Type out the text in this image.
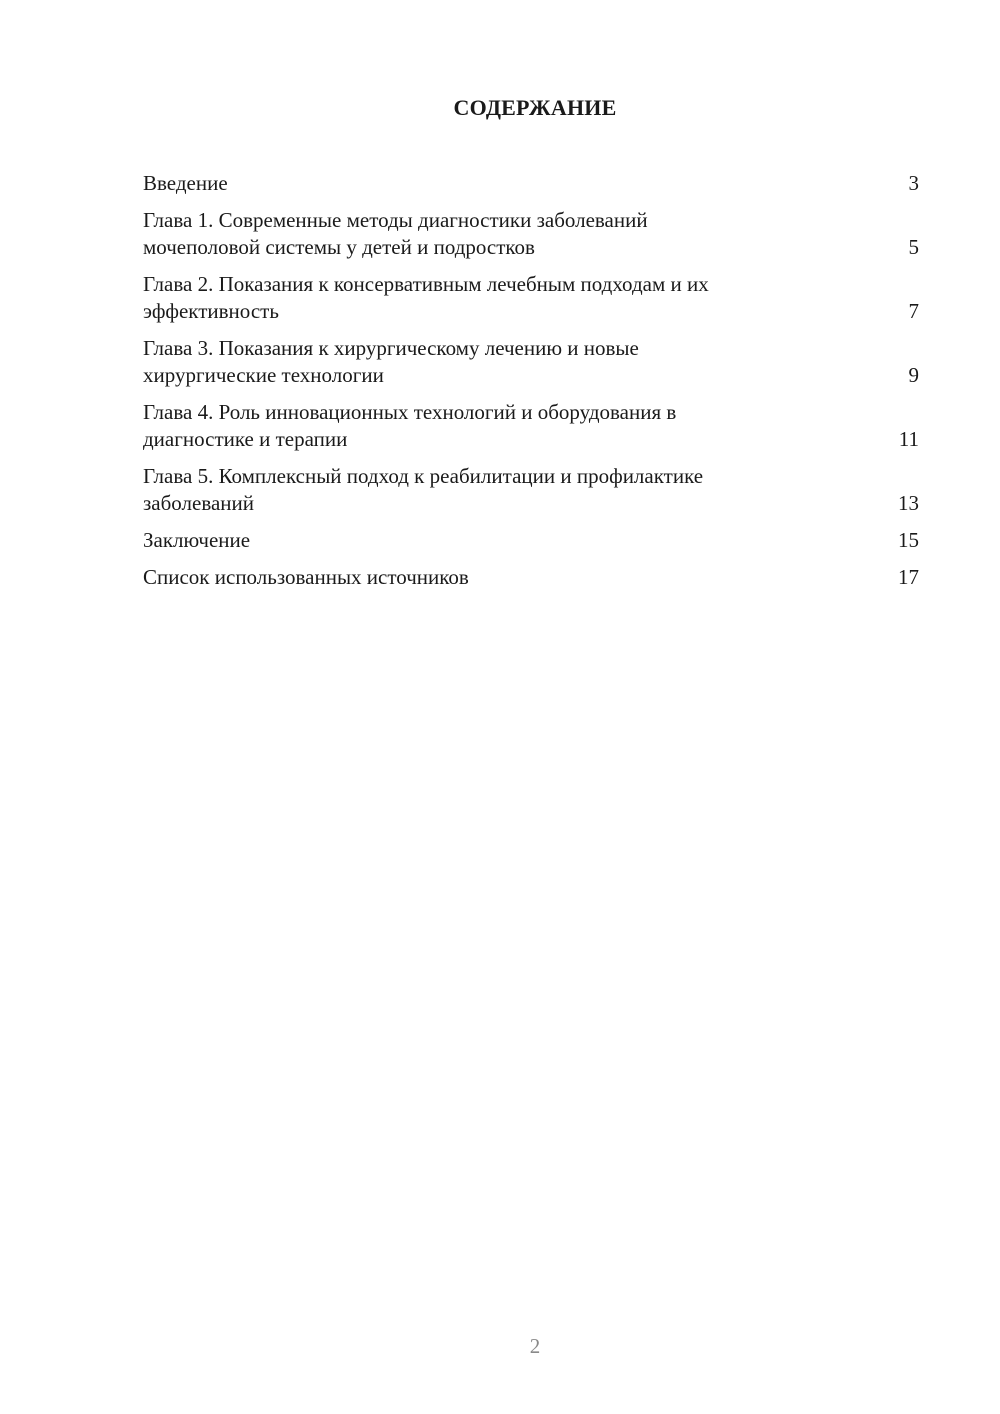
СОДЕРЖАНИЕ
Введение	3
Глава 1. Современные методы диагностики заболеваний
мочеполовой системы у детей и подростков	5
Глава 2. Показания к консервативным лечебным подходам и их
эффективность	7
Глава 3. Показания к хирургическому лечению и новые
хирургические технологии	9
Глава 4. Роль инновационных технологий и оборудования в
диагностике и терапии	11
Глава 5. Комплексный подход к реабилитации и профилактике
заболеваний	13
Заключение	15
Список использованных источников	17
2
